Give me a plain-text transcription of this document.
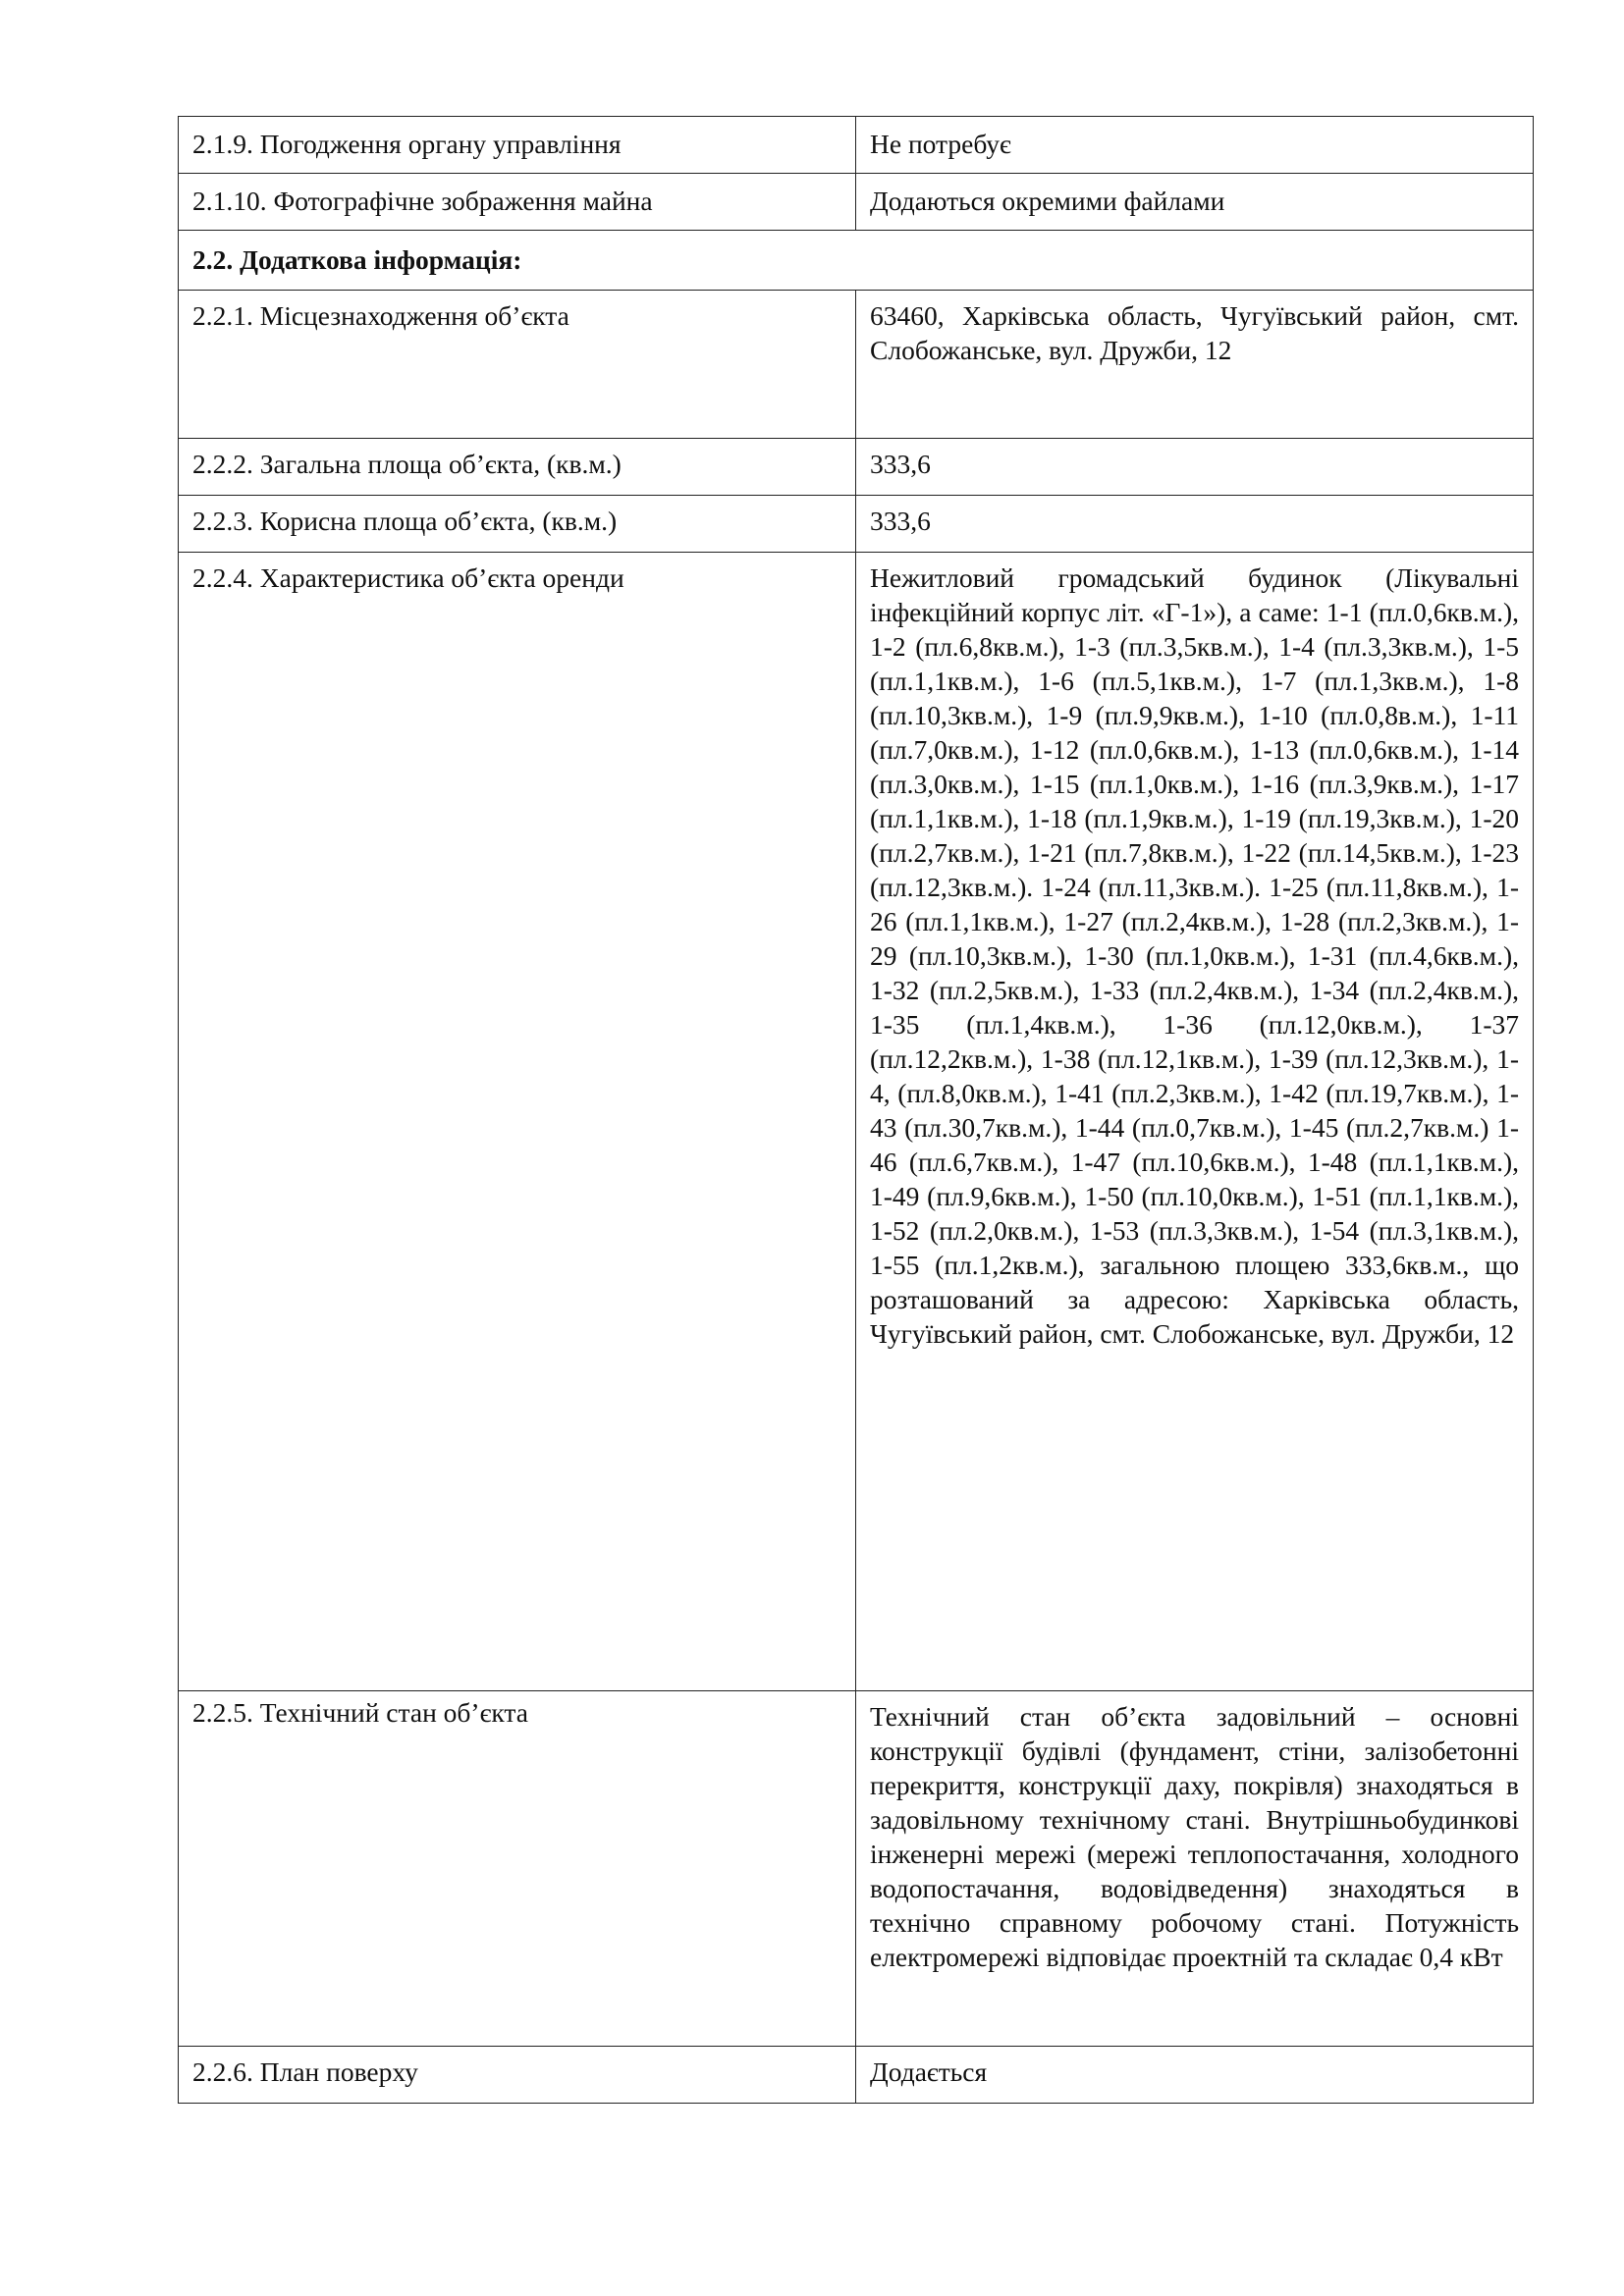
2.1.9. Погодження органу управління	Не потребує
2.1.10. Фотографічне зображення майна	Додаються окремими файлами
2.2. Додаткова інформація:	
2.2.1. Місцезнаходження об’єкта	63460, Харківська область, Чугуївський район, смт. Слобожанське, вул. Дружби, 12
2.2.2. Загальна площа об’єкта, (кв.м.)	333,6
2.2.3. Корисна площа об’єкта, (кв.м.)	333,6
2.2.4. Характеристика об’єкта оренди	Нежитловий громадський будинок (Лікувальні інфекційний корпус літ. «Г-1»), а саме: 1-1 (пл.0,6кв.м.), 1-2 (пл.6,8кв.м.), 1-3 (пл.3,5кв.м.), 1-4 (пл.3,3кв.м.), 1-5 (пл.1,1кв.м.), 1-6 (пл.5,1кв.м.), 1-7 (пл.1,3кв.м.), 1-8 (пл.10,3кв.м.), 1-9 (пл.9,9кв.м.), 1-10 (пл.0,8в.м.), 1-11 (пл.7,0кв.м.), 1-12 (пл.0,6кв.м.), 1-13 (пл.0,6кв.м.), 1-14 (пл.3,0кв.м.), 1-15 (пл.1,0кв.м.), 1-16 (пл.3,9кв.м.), 1-17 (пл.1,1кв.м.), 1-18 (пл.1,9кв.м.), 1-19 (пл.19,3кв.м.), 1-20 (пл.2,7кв.м.), 1-21 (пл.7,8кв.м.), 1-22 (пл.14,5кв.м.), 1-23 (пл.12,3кв.м.). 1-24 (пл.11,3кв.м.). 1-25 (пл.11,8кв.м.), 1-26 (пл.1,1кв.м.), 1-27 (пл.2,4кв.м.), 1-28 (пл.2,3кв.м.), 1-29 (пл.10,3кв.м.), 1-30 (пл.1,0кв.м.), 1-31 (пл.4,6кв.м.), 1-32 (пл.2,5кв.м.), 1-33 (пл.2,4кв.м.), 1-34 (пл.2,4кв.м.), 1-35 (пл.1,4кв.м.), 1-36 (пл.12,0кв.м.), 1-37 (пл.12,2кв.м.), 1-38 (пл.12,1кв.м.), 1-39 (пл.12,3кв.м.), 1-4, (пл.8,0кв.м.), 1-41 (пл.2,3кв.м.), 1-42 (пл.19,7кв.м.), 1-43 (пл.30,7кв.м.), 1-44 (пл.0,7кв.м.), 1-45 (пл.2,7кв.м.) 1-46 (пл.6,7кв.м.), 1-47 (пл.10,6кв.м.), 1-48 (пл.1,1кв.м.), 1-49 (пл.9,6кв.м.), 1-50 (пл.10,0кв.м.), 1-51 (пл.1,1кв.м.), 1-52 (пл.2,0кв.м.), 1-53 (пл.3,3кв.м.), 1-54 (пл.3,1кв.м.), 1-55 (пл.1,2кв.м.), загальною площею 333,6кв.м., що розташований за адресою: Харківська область, Чугуївський район, смт. Слобожанське, вул. Дружби, 12
2.2.5. Технічний стан об’єкта	Технічний стан об’єкта задовільний – основні конструкції будівлі (фундамент, стіни, залізобетонні перекриття, конструкції даху, покрівля) знаходяться в задовільному технічному стані. Внутрішньобудинкові інженерні мережі (мережі теплопостачання, холодного водопостачання, водовідведення) знаходяться в технічно справному робочому стані. Потужність електромережі відповідає проектній та складає 0,4 кВт
2.2.6. План поверху	Додається
